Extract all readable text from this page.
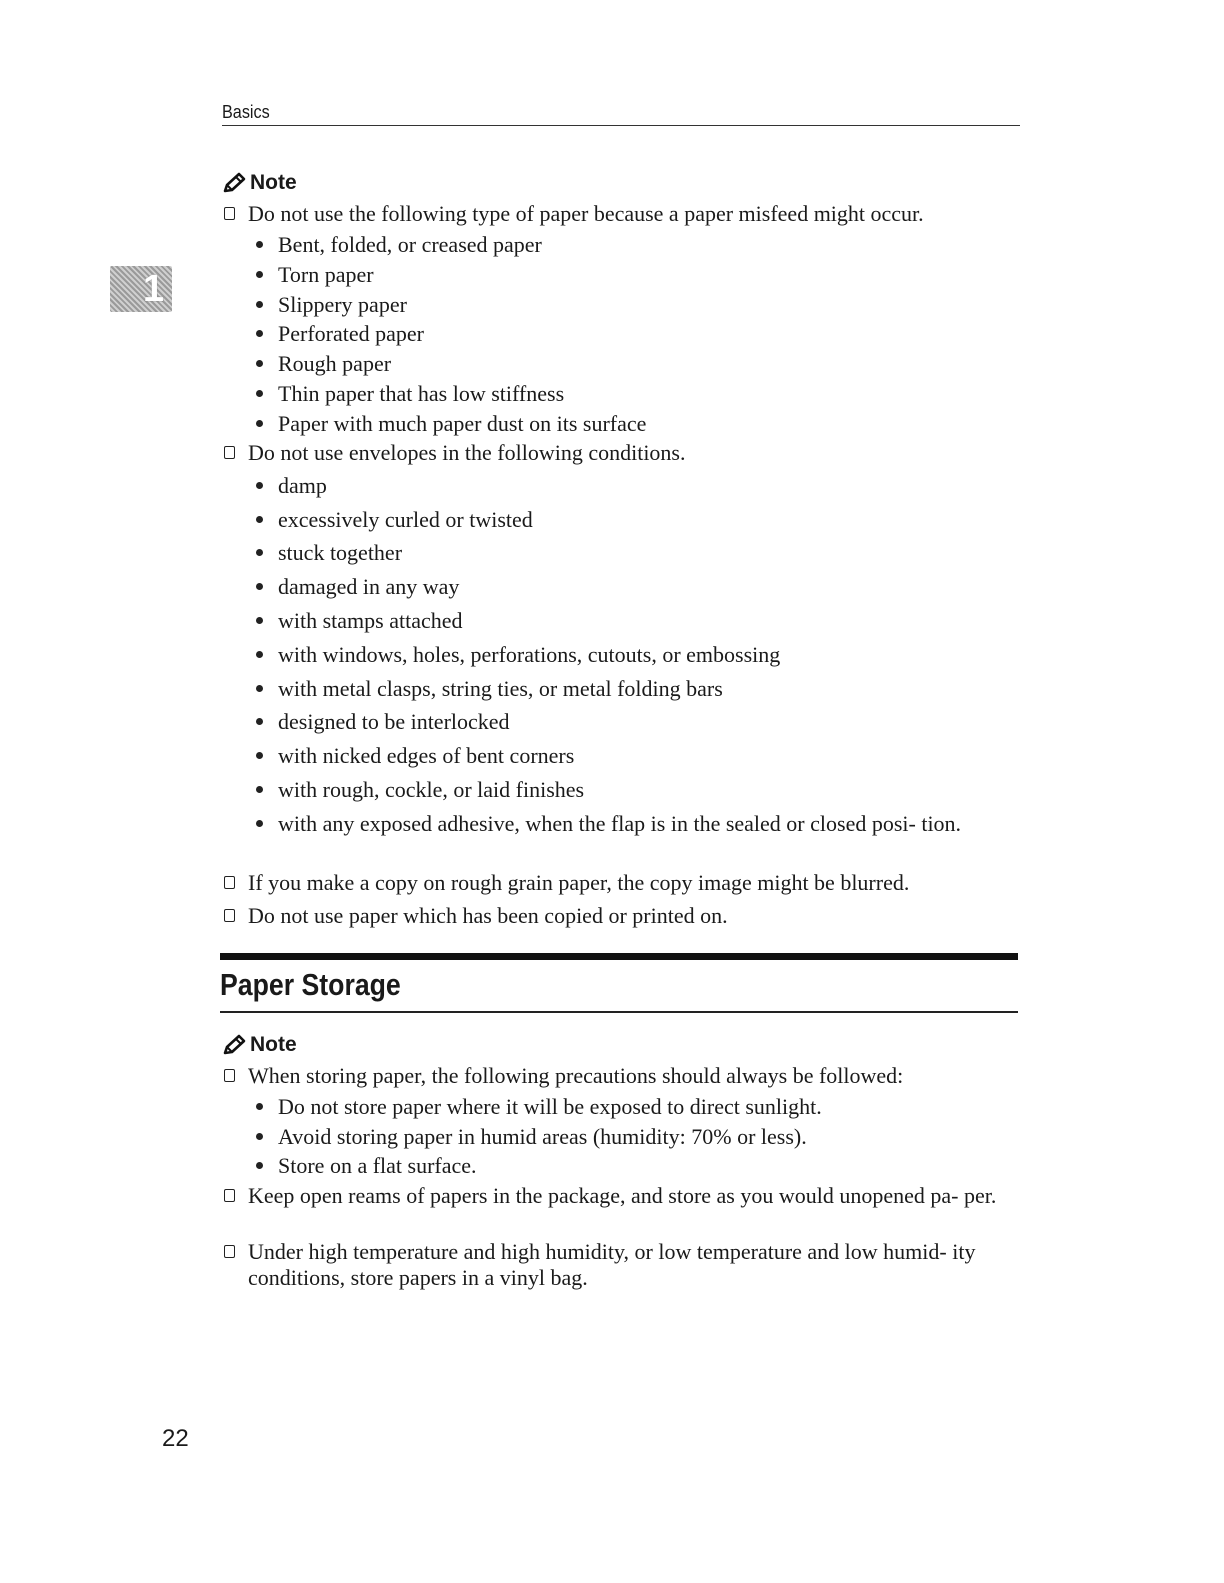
Basics
1
Note
Do not use the following type of paper because a paper misfeed might occur.
Bent, folded, or creased paper
Torn paper
Slippery paper
Perforated paper
Rough paper
Thin paper that has low stiffness
Paper with much paper dust on its surface
Do not use envelopes in the following conditions.
damp
excessively curled or twisted
stuck together
damaged in any way
with stamps attached
with windows, holes, perforations, cutouts, or embossing
with metal clasps, string ties, or metal folding bars
designed to be interlocked
with nicked edges of bent corners
with rough, cockle, or laid finishes
with any exposed adhesive, when the flap is in the sealed or closed posi- tion.
If you make a copy on rough grain paper, the copy image might be blurred.
Do not use paper which has been copied or printed on.
Paper Storage
Note
When storing paper, the following precautions should always be followed:
Do not store paper where it will be exposed to direct sunlight.
Avoid storing paper in humid areas (humidity: 70% or less).
Store on a flat surface.
Keep open reams of papers in the package, and store as you would unopened pa- per.
Under high temperature and high humidity, or low temperature and low humid- ity conditions, store papers in a vinyl bag.
22
